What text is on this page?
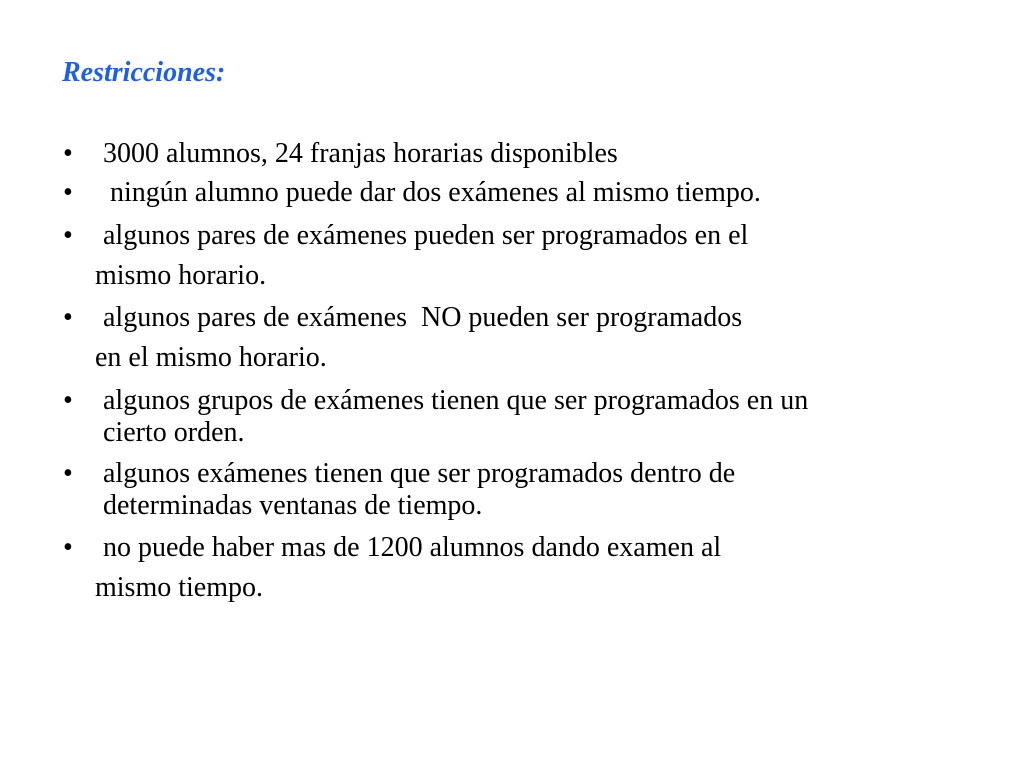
Restricciones:
• 3000 alumnos, 24 franjas horarias disponibles
• ningún alumno puede dar dos exámenes al mismo tiempo.
• algunos pares de exámenes pueden ser programados en el
mismo horario.
• algunos pares de exámenes  NO pueden ser programados
en el mismo horario.
• algunos grupos de exámenes tienen que ser programados en un
cierto orden.
• algunos exámenes tienen que ser programados dentro de
determinadas ventanas de tiempo.
• no puede haber mas de 1200 alumnos dando examen al
mismo tiempo.
